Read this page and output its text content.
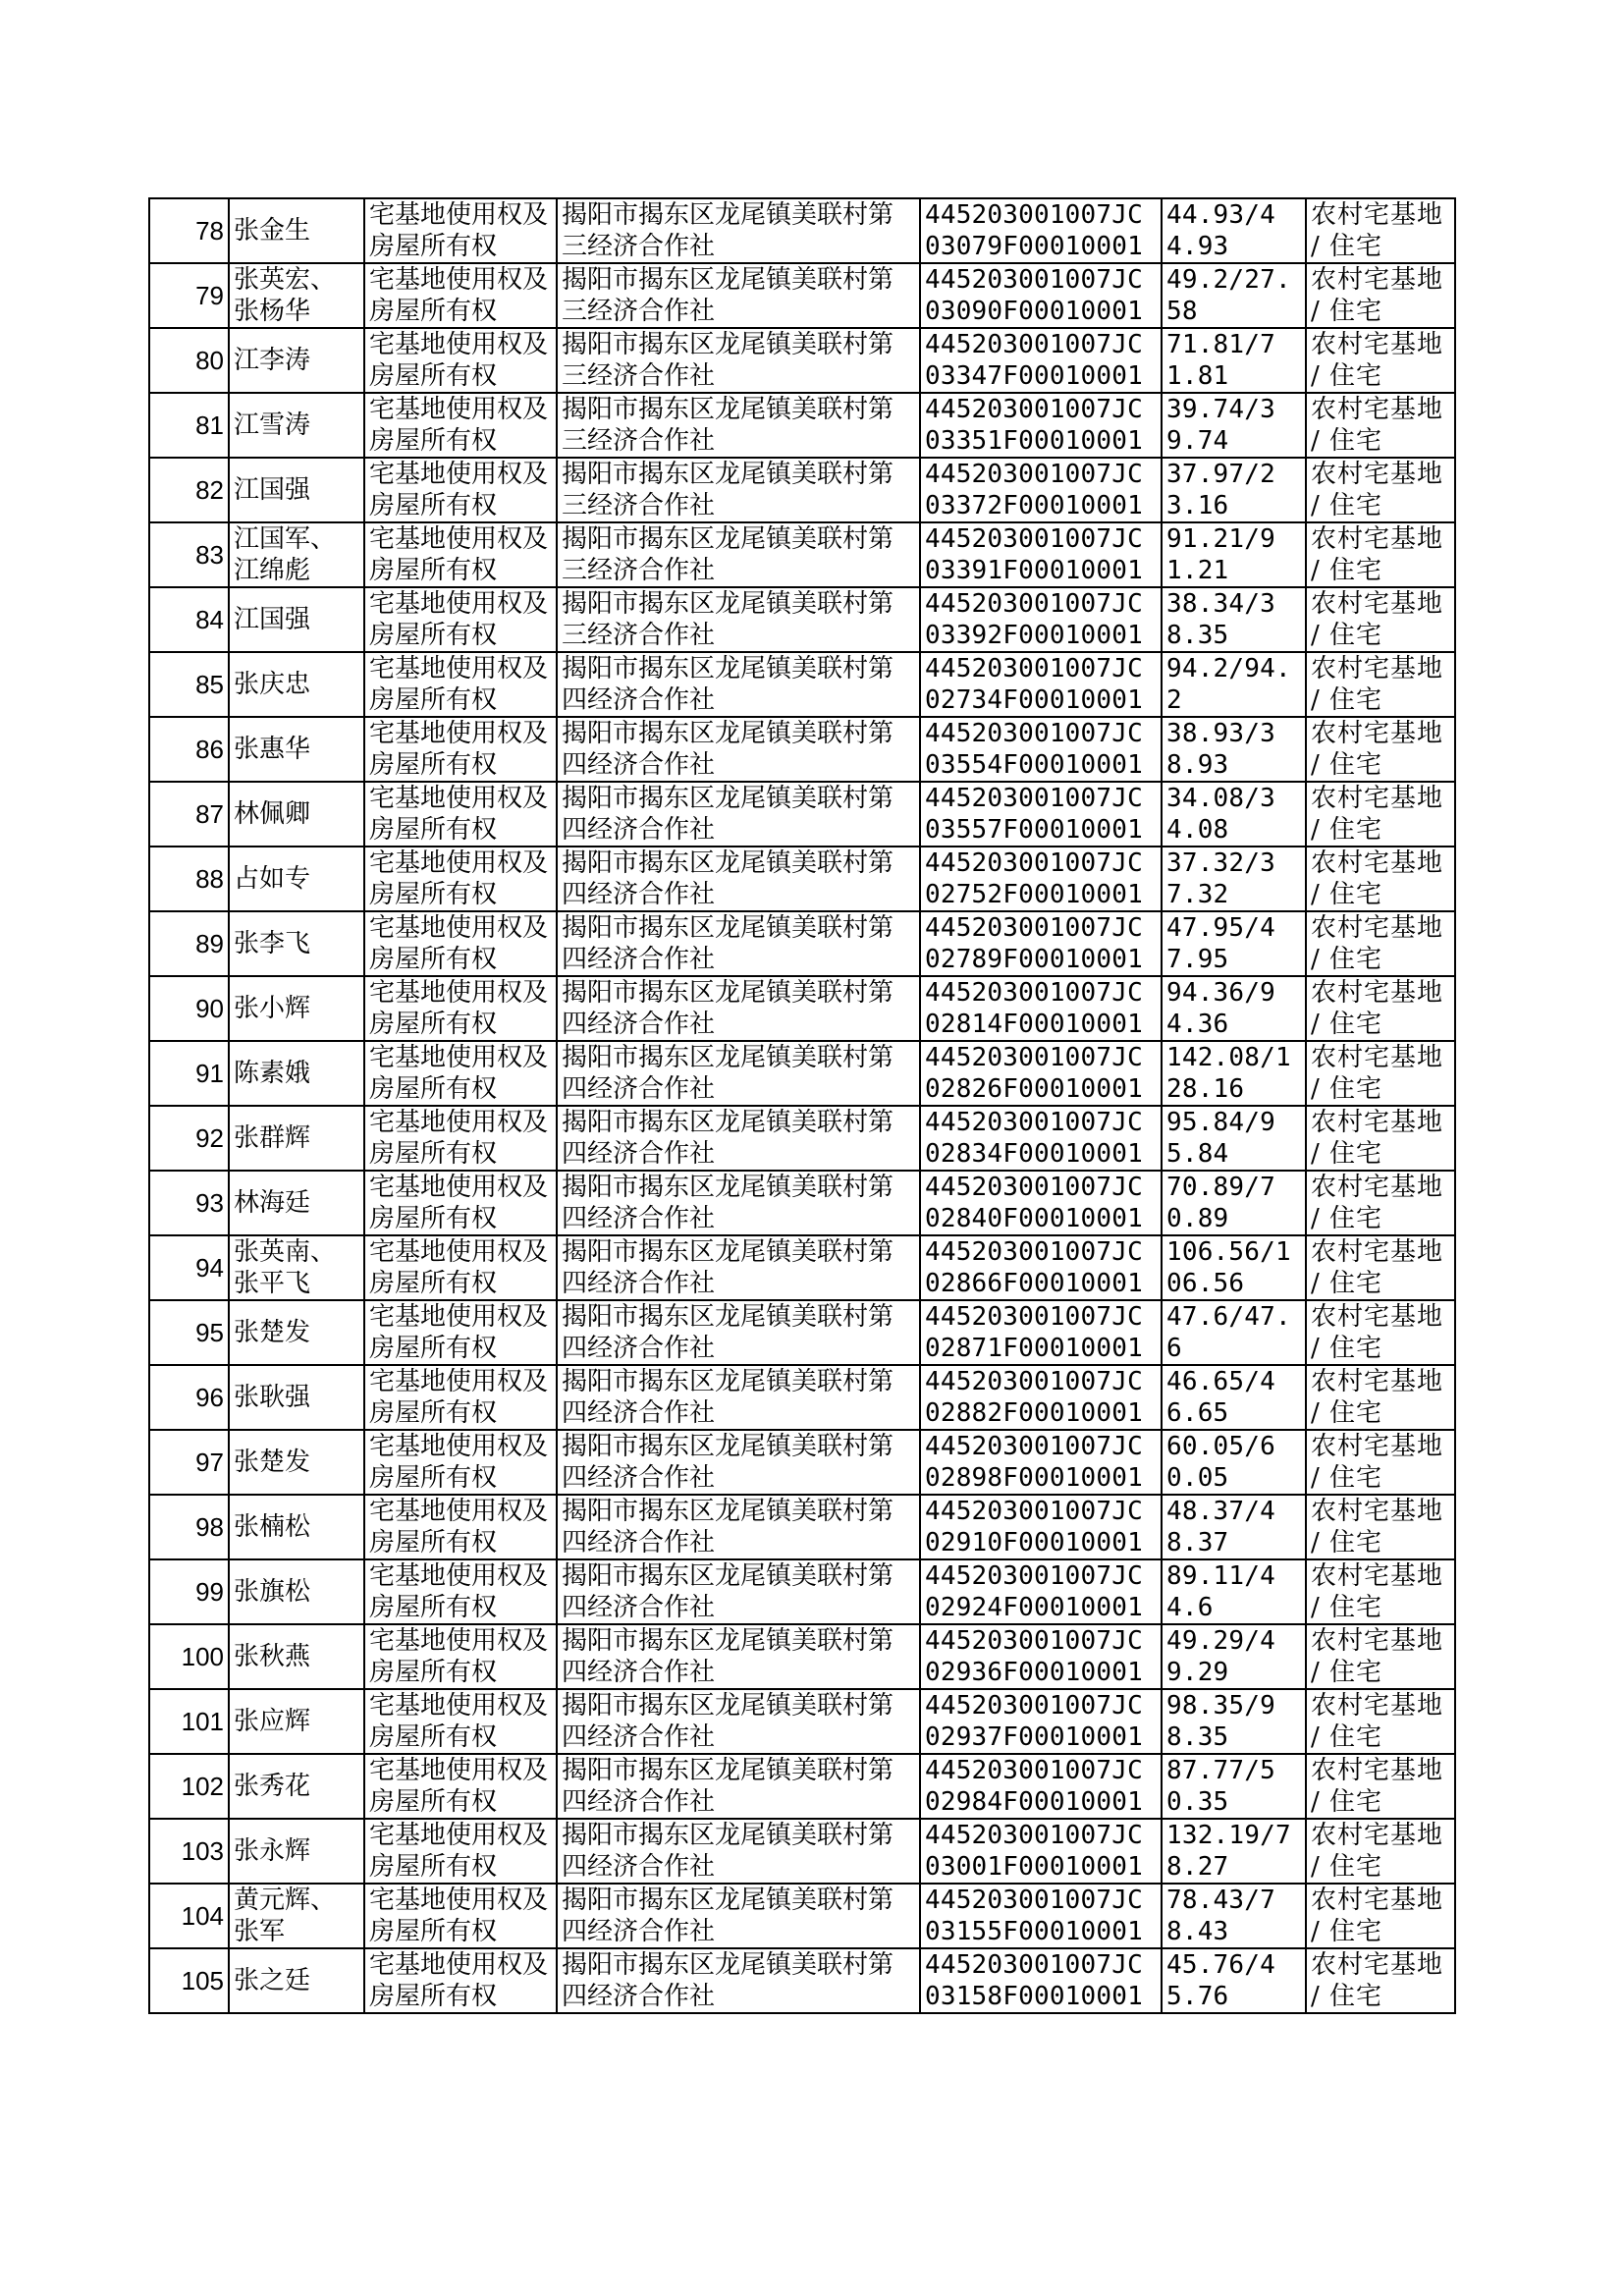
78	张金生	宅基地使用权及房屋所有权	揭阳市揭东区龙尾镇美联村第三经济合作社	445203001007JC03079F00010001	44.93/44.93	农村宅基地 / 住宅

79	张英宏、张杨华	宅基地使用权及房屋所有权	揭阳市揭东区龙尾镇美联村第三经济合作社	445203001007JC03090F00010001	49.2/27.58	农村宅基地 / 住宅

80	江李涛	宅基地使用权及房屋所有权	揭阳市揭东区龙尾镇美联村第三经济合作社	445203001007JC03347F00010001	71.81/71.81	农村宅基地 / 住宅

81	江雪涛	宅基地使用权及房屋所有权	揭阳市揭东区龙尾镇美联村第三经济合作社	445203001007JC03351F00010001	39.74/39.74	农村宅基地 / 住宅

82	江国强	宅基地使用权及房屋所有权	揭阳市揭东区龙尾镇美联村第三经济合作社	445203001007JC03372F00010001	37.97/23.16	农村宅基地 / 住宅

83	江国军、江绵彪	宅基地使用权及房屋所有权	揭阳市揭东区龙尾镇美联村第三经济合作社	445203001007JC03391F00010001	91.21/91.21	农村宅基地 / 住宅

84	江国强	宅基地使用权及房屋所有权	揭阳市揭东区龙尾镇美联村第三经济合作社	445203001007JC03392F00010001	38.34/38.35	农村宅基地 / 住宅

85	张庆忠	宅基地使用权及房屋所有权	揭阳市揭东区龙尾镇美联村第四经济合作社	445203001007JC02734F00010001	94.2/94.2	农村宅基地 / 住宅

86	张惠华	宅基地使用权及房屋所有权	揭阳市揭东区龙尾镇美联村第四经济合作社	445203001007JC03554F00010001	38.93/38.93	农村宅基地 / 住宅

87	林佩卿	宅基地使用权及房屋所有权	揭阳市揭东区龙尾镇美联村第四经济合作社	445203001007JC03557F00010001	34.08/34.08	农村宅基地 / 住宅

88	占如专	宅基地使用权及房屋所有权	揭阳市揭东区龙尾镇美联村第四经济合作社	445203001007JC02752F00010001	37.32/37.32	农村宅基地 / 住宅

89	张李飞	宅基地使用权及房屋所有权	揭阳市揭东区龙尾镇美联村第四经济合作社	445203001007JC02789F00010001	47.95/47.95	农村宅基地 / 住宅

90	张小辉	宅基地使用权及房屋所有权	揭阳市揭东区龙尾镇美联村第四经济合作社	445203001007JC02814F00010001	94.36/94.36	农村宅基地 / 住宅

91	陈素娥	宅基地使用权及房屋所有权	揭阳市揭东区龙尾镇美联村第四经济合作社	445203001007JC02826F00010001	142.08/128.16	农村宅基地 / 住宅

92	张群辉	宅基地使用权及房屋所有权	揭阳市揭东区龙尾镇美联村第四经济合作社	445203001007JC02834F00010001	95.84/95.84	农村宅基地 / 住宅

93	林海廷	宅基地使用权及房屋所有权	揭阳市揭东区龙尾镇美联村第四经济合作社	445203001007JC02840F00010001	70.89/70.89	农村宅基地 / 住宅

94	张英南、张平飞	宅基地使用权及房屋所有权	揭阳市揭东区龙尾镇美联村第四经济合作社	445203001007JC02866F00010001	106.56/106.56	农村宅基地 / 住宅

95	张楚发	宅基地使用权及房屋所有权	揭阳市揭东区龙尾镇美联村第四经济合作社	445203001007JC02871F00010001	47.6/47.6	农村宅基地 / 住宅

96	张耿强	宅基地使用权及房屋所有权	揭阳市揭东区龙尾镇美联村第四经济合作社	445203001007JC02882F00010001	46.65/46.65	农村宅基地 / 住宅

97	张楚发	宅基地使用权及房屋所有权	揭阳市揭东区龙尾镇美联村第四经济合作社	445203001007JC02898F00010001	60.05/60.05	农村宅基地 / 住宅

98	张楠松	宅基地使用权及房屋所有权	揭阳市揭东区龙尾镇美联村第四经济合作社	445203001007JC02910F00010001	48.37/48.37	农村宅基地 / 住宅

99	张旗松	宅基地使用权及房屋所有权	揭阳市揭东区龙尾镇美联村第四经济合作社	445203001007JC02924F00010001	89.11/44.6	农村宅基地 / 住宅

100	张秋燕	宅基地使用权及房屋所有权	揭阳市揭东区龙尾镇美联村第四经济合作社	445203001007JC02936F00010001	49.29/49.29	农村宅基地 / 住宅

101	张应辉	宅基地使用权及房屋所有权	揭阳市揭东区龙尾镇美联村第四经济合作社	445203001007JC02937F00010001	98.35/98.35	农村宅基地 / 住宅

102	张秀花	宅基地使用权及房屋所有权	揭阳市揭东区龙尾镇美联村第四经济合作社	445203001007JC02984F00010001	87.77/50.35	农村宅基地 / 住宅

103	张永辉	宅基地使用权及房屋所有权	揭阳市揭东区龙尾镇美联村第四经济合作社	445203001007JC03001F00010001	132.19/78.27	农村宅基地 / 住宅

104	黄元辉、张军	宅基地使用权及房屋所有权	揭阳市揭东区龙尾镇美联村第四经济合作社	445203001007JC03155F00010001	78.43/78.43	农村宅基地 / 住宅

105	张之廷	宅基地使用权及房屋所有权	揭阳市揭东区龙尾镇美联村第四经济合作社	445203001007JC03158F00010001	45.76/45.76	农村宅基地 / 住宅
